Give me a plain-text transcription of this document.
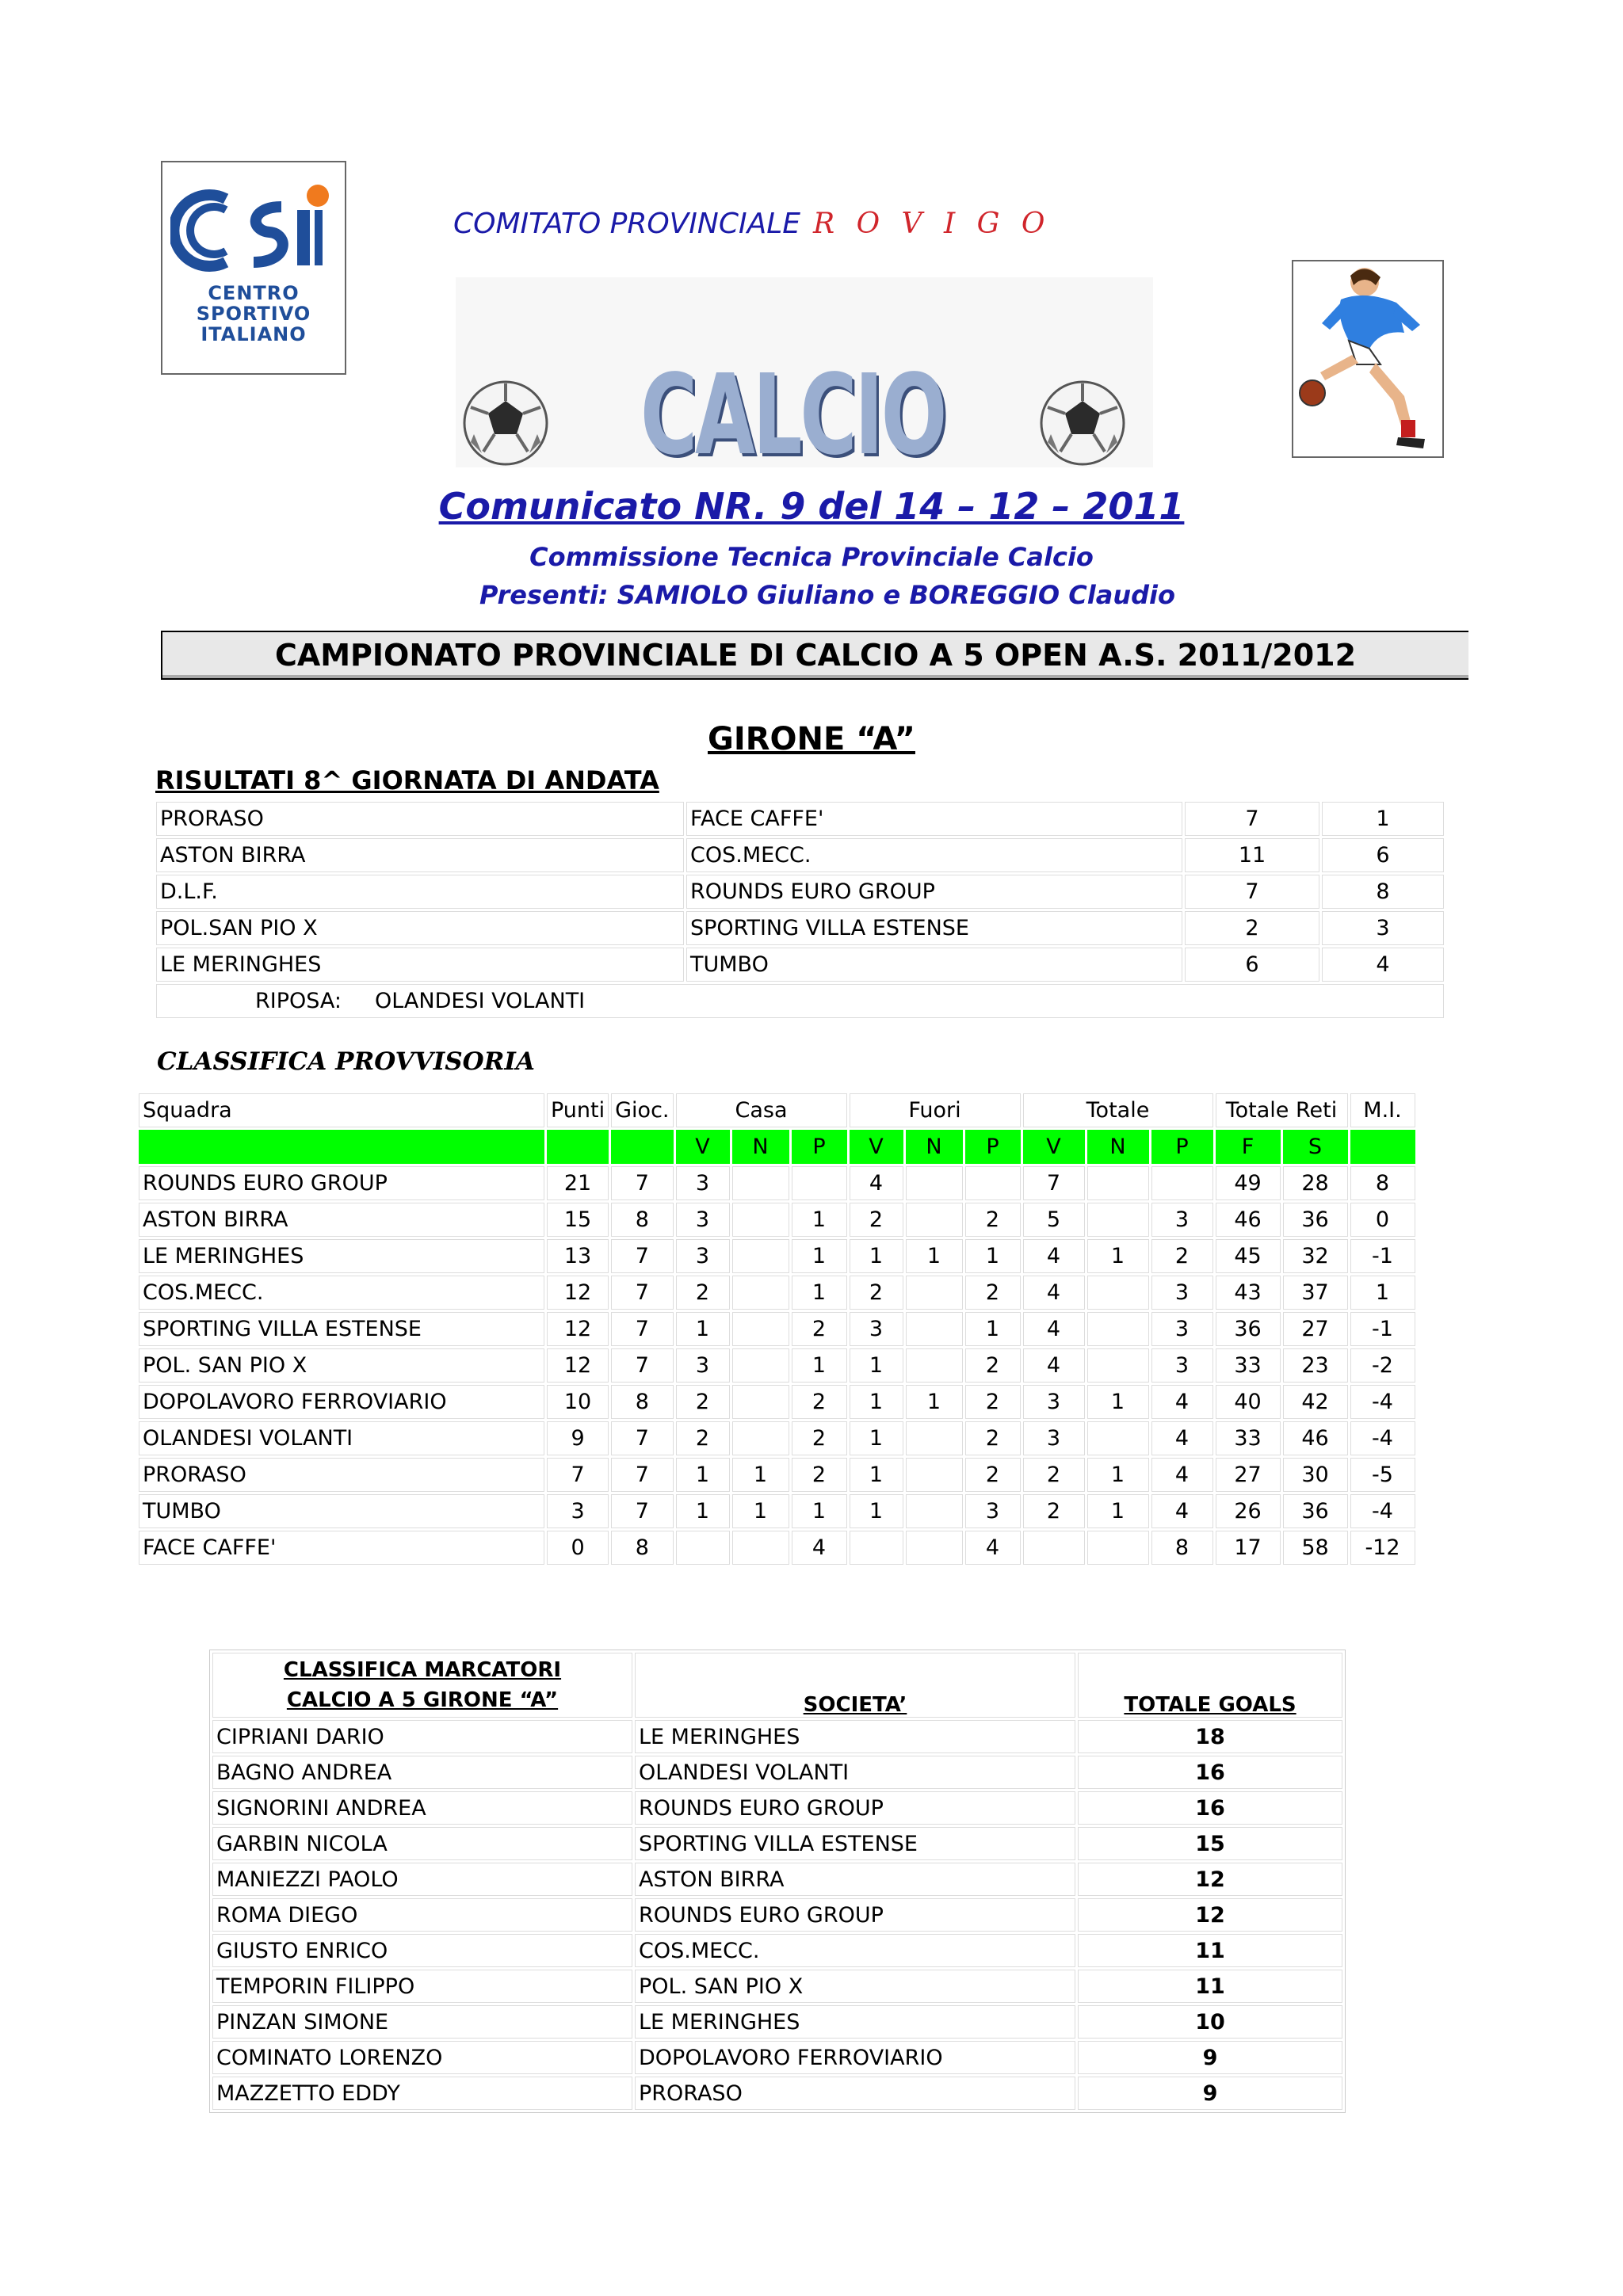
CENTRO
SPORTIVO
ITALIANO
COMITATO PROVINCIALE R O V I G O
CALCIO
Comunicato NR. 9 del 14 – 12 – 2011
Commissione Tecnica Provinciale Calcio
Presenti: SAMIOLO Giuliano e BOREGGIO Claudio
CAMPIONATO PROVINCIALE DI CALCIO A 5 OPEN A.S. 2011/2012
GIRONE “A”
RISULTATI 8^ GIORNATA DI ANDATA
PRORASO	FACE CAFFE'	7	1
ASTON BIRRA	COS.MECC.	11	6
D.L.F.	ROUNDS EURO GROUP	7	8
POL.SAN PIO X	SPORTING VILLA ESTENSE	2	3
LE MERINGHES	TUMBO	6	4
RIPOSA: OLANDESI VOLANTI			
CLASSIFICA PROVVISORIA
Squadra	Punti	Gioc.	Casa			Fuori			Totale			Totale Reti		M.I.
			V	N	P	V	N	P	V	N	P	F	S	
ROUNDS EURO GROUP	21	7	3			4			7			49	28	8
ASTON BIRRA	15	8	3		1	2		2	5		3	46	36	0
LE MERINGHES	13	7	3		1	1	1	1	4	1	2	45	32	-1
COS.MECC.	12	7	2		1	2		2	4		3	43	37	1
SPORTING VILLA ESTENSE	12	7	1		2	3		1	4		3	36	27	-1
POL. SAN PIO X	12	7	3		1	1		2	4		3	33	23	-2
DOPOLAVORO FERROVIARIO	10	8	2		2	1	1	2	3	1	4	40	42	-4
OLANDESI VOLANTI	9	7	2		2	1		2	3		4	33	46	-4
PRORASO	7	7	1	1	2	1		2	2	1	4	27	30	-5
TUMBO	3	7	1	1	1	1		3	2	1	4	26	36	-4
FACE CAFFE'	0	8			4			4			8	17	58	-12
CLASSIFICA MARCATORI
CALCIO A 5 GIRONE “A”	SOCIETA’	TOTALE GOALS
CIPRIANI DARIO	LE MERINGHES	18
BAGNO ANDREA	OLANDESI VOLANTI	16
SIGNORINI ANDREA	ROUNDS EURO GROUP	16
GARBIN NICOLA	SPORTING VILLA ESTENSE	15
MANIEZZI PAOLO	ASTON BIRRA	12
ROMA DIEGO	ROUNDS EURO GROUP	12
GIUSTO ENRICO	COS.MECC.	11
TEMPORIN FILIPPO	POL. SAN PIO X	11
PINZAN SIMONE	LE MERINGHES	10
COMINATO LORENZO	DOPOLAVORO FERROVIARIO	9
MAZZETTO EDDY	PRORASO	9
